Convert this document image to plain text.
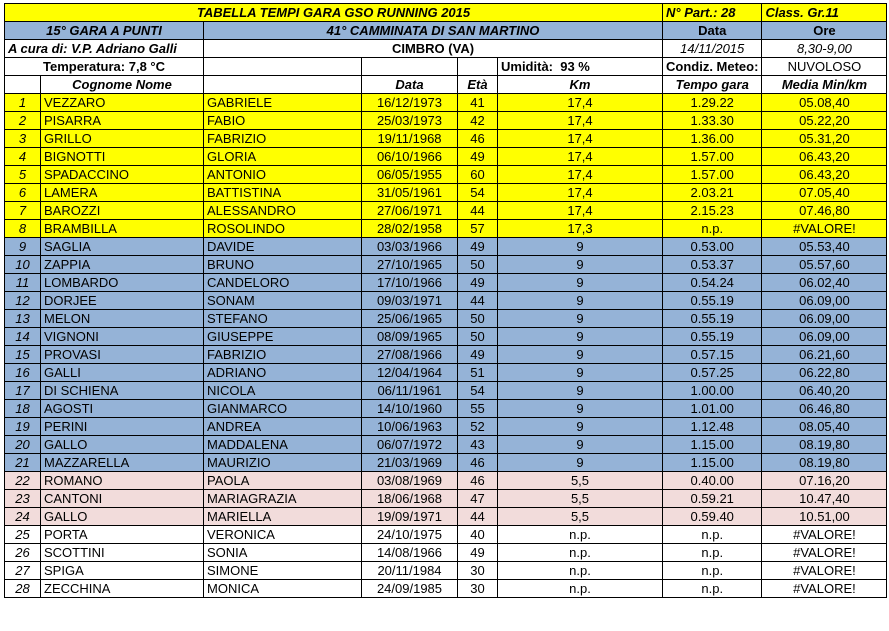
TABELLA TEMPI GARA GSO RUNNING 2015						N° Part.: 28	Class. Gr.11
15° GARA A PUNTI		41° CAMMINATA DI SAN MARTINO				Data	Ore
A cura di: V.P. Adriano Galli		CIMBRO (VA)				14/11/2015	8,30-9,00
Temperatura: 7,8 °C					Umidità: 93 %	Condiz. Meteo:	NUVOLOSO
	Cognome Nome		Data	Età	Km	Tempo gara	Media Min/km
1	VEZZARO	GABRIELE	16/12/1973	41	17,4	1.29.22	05.08,40
2	PISARRA	FABIO	25/03/1973	42	17,4	1.33.30	05.22,20
3	GRILLO	FABRIZIO	19/11/1968	46	17,4	1.36.00	05.31,20
4	BIGNOTTI	GLORIA	06/10/1966	49	17,4	1.57.00	06.43,20
5	SPADACCINO	ANTONIO	06/05/1955	60	17,4	1.57.00	06.43,20
6	LAMERA	BATTISTINA	31/05/1961	54	17,4	2.03.21	07.05,40
7	BAROZZI	ALESSANDRO	27/06/1971	44	17,4	2.15.23	07.46,80
8	BRAMBILLA	ROSOLINDO	28/02/1958	57	17,3	n.p.	#VALORE!
9	SAGLIA	DAVIDE	03/03/1966	49	9	0.53.00	05.53,40
10	ZAPPIA	BRUNO	27/10/1965	50	9	0.53.37	05.57,60
11	LOMBARDO	CANDELORO	17/10/1966	49	9	0.54.24	06.02,40
12	DORJEE	SONAM	09/03/1971	44	9	0.55.19	06.09,00
13	MELON	STEFANO	25/06/1965	50	9	0.55.19	06.09,00
14	VIGNONI	GIUSEPPE	08/09/1965	50	9	0.55.19	06.09,00
15	PROVASI	FABRIZIO	27/08/1966	49	9	0.57.15	06.21,60
16	GALLI	ADRIANO	12/04/1964	51	9	0.57.25	06.22,80
17	DI SCHIENA	NICOLA	06/11/1961	54	9	1.00.00	06.40,20
18	AGOSTI	GIANMARCO	14/10/1960	55	9	1.01.00	06.46,80
19	PERINI	ANDREA	10/06/1963	52	9	1.12.48	08.05,40
20	GALLO	MADDALENA	06/07/1972	43	9	1.15.00	08.19,80
21	MAZZARELLA	MAURIZIO	21/03/1969	46	9	1.15.00	08.19,80
22	ROMANO	PAOLA	03/08/1969	46	5,5	0.40.00	07.16,20
23	CANTONI	MARIAGRAZIA	18/06/1968	47	5,5	0.59.21	10.47,40
24	GALLO	MARIELLA	19/09/1971	44	5,5	0.59.40	10.51,00
25	PORTA	VERONICA	24/10/1975	40	n.p.	n.p.	#VALORE!
26	SCOTTINI	SONIA	14/08/1966	49	n.p.	n.p.	#VALORE!
27	SPIGA	SIMONE	20/11/1984	30	n.p.	n.p.	#VALORE!
28	ZECCHINA	MONICA	24/09/1985	30	n.p.	n.p.	#VALORE!
